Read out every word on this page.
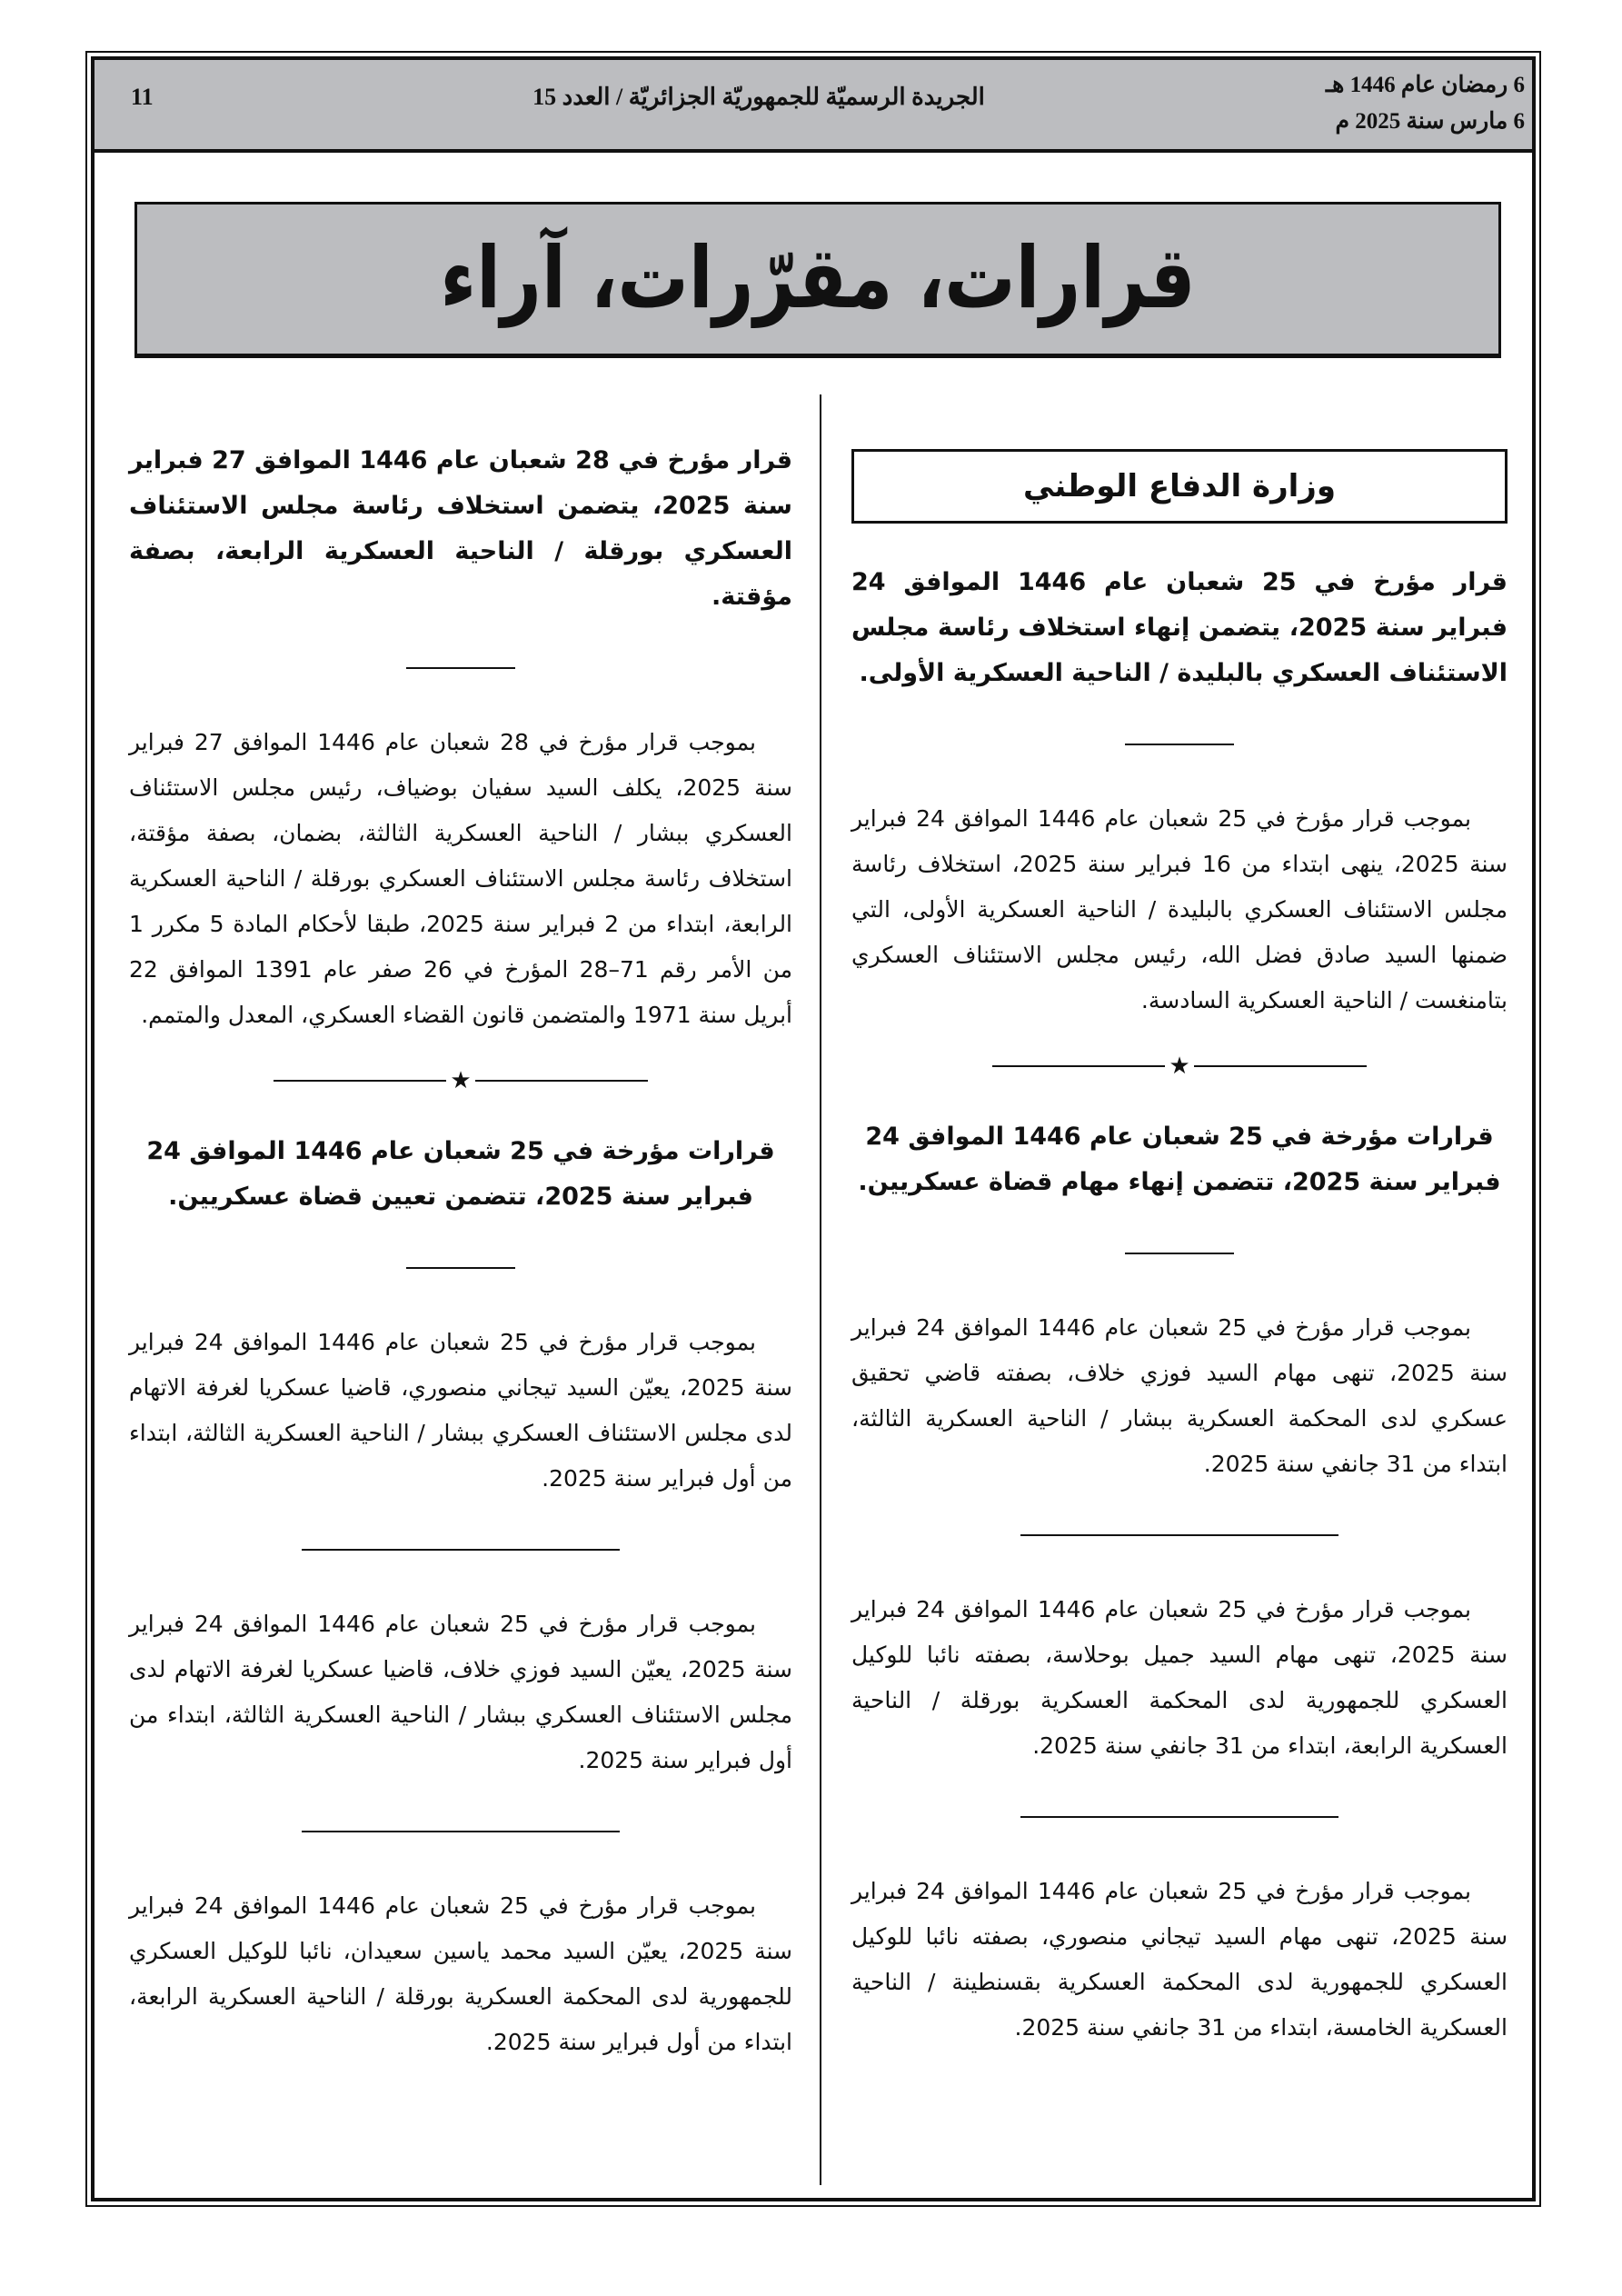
6 رمضان عام 1446 هـ
6 مارس سنة 2025 م
الجريدة الرسميّة للجمهوريّة الجزائريّة / العدد 15
11
قرارات، مقرّرات، آراء
وزارة الدفاع الوطني
قرار مؤرخ في 25 شعبان عام 1446 الموافق 24 فبراير سنة 2025، يتضمن إنهاء استخلاف رئاسة مجلس الاستئناف العسكري بالبليدة / الناحية العسكرية الأولى.

بموجب قرار مؤرخ في 25 شعبان عام 1446 الموافق 24 فبراير سنة 2025، ينهى ابتداء من 16 فبراير سنة 2025، استخلاف رئاسة مجلس الاستئناف العسكري بالبليدة / الناحية العسكرية الأولى، التي ضمنها السيد صادق فضل الله، رئيس مجلس الاستئناف العسكري بتامنغست / الناحية العسكرية السادسة.

★
قرارات مؤرخة في 25 شعبان عام 1446 الموافق 24 فبراير سنة 2025، تتضمن إنهاء مهام قضاة عسكريين.

بموجب قرار مؤرخ في 25 شعبان عام 1446 الموافق 24 فبراير سنة 2025، تنهى مهام السيد فوزي خلاف، بصفته قاضي تحقيق عسكري لدى المحكمة العسكرية ببشار / الناحية العسكرية الثالثة، ابتداء من 31 جانفي سنة 2025.

بموجب قرار مؤرخ في 25 شعبان عام 1446 الموافق 24 فبراير سنة 2025، تنهى مهام السيد جميل بوحلاسة، بصفته نائبا للوكيل العسكري للجمهورية لدى المحكمة العسكرية بورقلة / الناحية العسكرية الرابعة، ابتداء من 31 جانفي سنة 2025.

بموجب قرار مؤرخ في 25 شعبان عام 1446 الموافق 24 فبراير سنة 2025، تنهى مهام السيد تيجاني منصوري، بصفته نائبا للوكيل العسكري للجمهورية لدى المحكمة العسكرية بقسنطينة / الناحية العسكرية الخامسة، ابتداء من 31 جانفي سنة 2025.

قرار مؤرخ في 28 شعبان عام 1446 الموافق 27 فبراير سنة 2025، يتضمن استخلاف رئاسة مجلس الاستئناف العسكري بورقلة / الناحية العسكرية الرابعة، بصفة مؤقتة.

بموجب قرار مؤرخ في 28 شعبان عام 1446 الموافق 27 فبراير سنة 2025، يكلف السيد سفيان بوضياف، رئيس مجلس الاستئناف العسكري ببشار / الناحية العسكرية الثالثة، بضمان، بصفة مؤقتة، استخلاف رئاسة مجلس الاستئناف العسكري بورقلة / الناحية العسكرية الرابعة، ابتداء من 2 فبراير سنة 2025، طبقا لأحكام المادة 5 مكرر 1 من الأمر رقم 71–28 المؤرخ في 26 صفر عام 1391 الموافق 22 أبريل سنة 1971 والمتضمن قانون القضاء العسكري، المعدل والمتمم.

★
قرارات مؤرخة في 25 شعبان عام 1446 الموافق 24 فبراير سنة 2025، تتضمن تعيين قضاة عسكريين.

بموجب قرار مؤرخ في 25 شعبان عام 1446 الموافق 24 فبراير سنة 2025، يعيّن السيد تيجاني منصوري، قاضيا عسكريا لغرفة الاتهام لدى مجلس الاستئناف العسكري ببشار / الناحية العسكرية الثالثة، ابتداء من أول فبراير سنة 2025.

بموجب قرار مؤرخ في 25 شعبان عام 1446 الموافق 24 فبراير سنة 2025، يعيّن السيد فوزي خلاف، قاضيا عسكريا لغرفة الاتهام لدى مجلس الاستئناف العسكري ببشار / الناحية العسكرية الثالثة، ابتداء من أول فبراير سنة 2025.

بموجب قرار مؤرخ في 25 شعبان عام 1446 الموافق 24 فبراير سنة 2025، يعيّن السيد محمد ياسين سعيدان، نائبا للوكيل العسكري للجمهورية لدى المحكمة العسكرية بورقلة / الناحية العسكرية الرابعة، ابتداء من أول فبراير سنة 2025.
